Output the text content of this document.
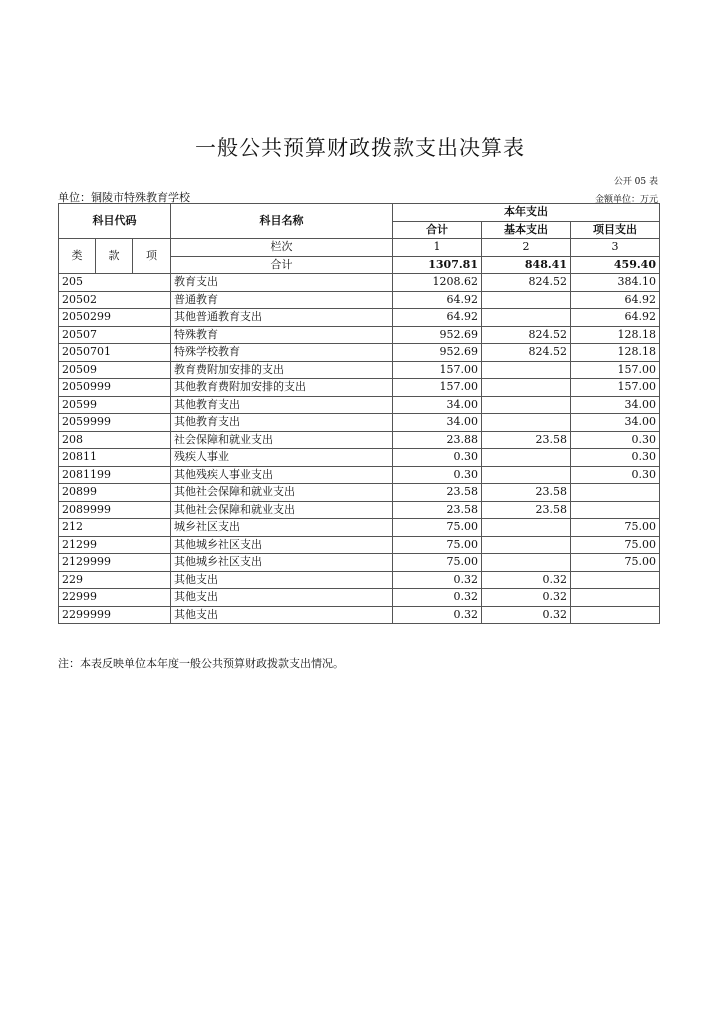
一般公共预算财政拨款支出决算表
公开 05 表
单位：铜陵市特殊教育学校	金额单位：万元
科目代码			科目名称	本年支出		
				合计	基本支出	项目支出
类	款	项	栏次	1	2	3
			合计	1307.81	848.41	459.40
205			教育支出	1208.62	824.52	384.10
20502			普通教育	64.92		64.92
2050299			其他普通教育支出	64.92		64.92
20507			特殊教育	952.69	824.52	128.18
2050701			特殊学校教育	952.69	824.52	128.18
20509			教育费附加安排的支出	157.00		157.00
2050999			其他教育费附加安排的支出	157.00		157.00
20599			其他教育支出	34.00		34.00
2059999			其他教育支出	34.00		34.00
208			社会保障和就业支出	23.88	23.58	0.30
20811			残疾人事业	0.30		0.30
2081199			其他残疾人事业支出	0.30		0.30
20899			其他社会保障和就业支出	23.58	23.58	
2089999			其他社会保障和就业支出	23.58	23.58	
212			城乡社区支出	75.00		75.00
21299			其他城乡社区支出	75.00		75.00
2129999			其他城乡社区支出	75.00		75.00
229			其他支出	0.32	0.32	
22999			其他支出	0.32	0.32	
2299999			其他支出	0.32	0.32	
注：本表反映单位本年度一般公共预算财政拨款支出情况。
